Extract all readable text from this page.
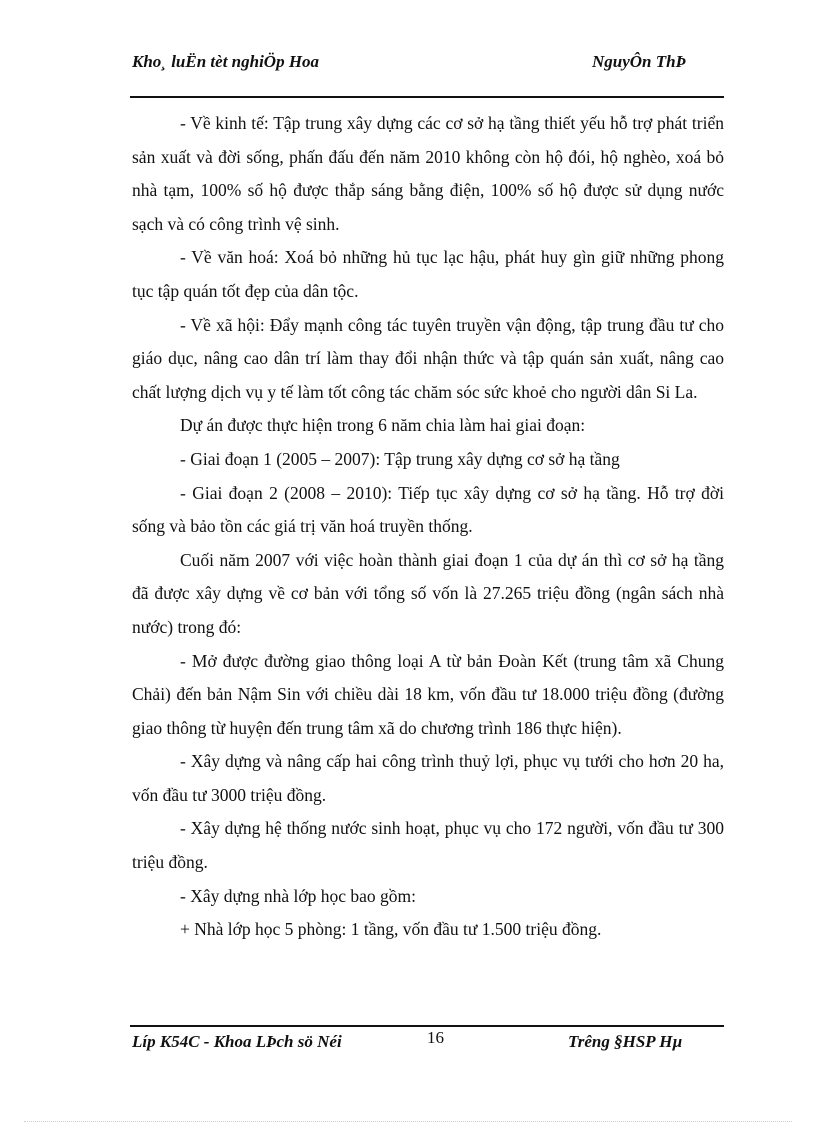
Kho¸ luËn tèt nghiÖp Hoa	NguyÔn ThÞ

- Về kinh tế: Tập trung xây dựng các cơ sở hạ tầng thiết yếu hỗ trợ phát triển sản xuất và đời sống, phấn đấu đến năm 2010 không còn hộ đói, hộ nghèo, xoá bỏ nhà tạm, 100% số hộ được thắp sáng bằng điện, 100% số hộ được sử dụng nước sạch và có công trình vệ sinh.

- Về văn hoá: Xoá bỏ những hủ tục lạc hậu, phát huy gìn giữ những phong tục tập quán tốt đẹp của dân tộc.

- Về xã hội: Đẩy mạnh công tác tuyên truyền vận động, tập trung đầu tư cho giáo dục, nâng cao dân trí làm thay đổi nhận thức và tập quán sản xuất, nâng cao chất lượng dịch vụ y tế làm tốt công tác chăm sóc sức khoẻ cho người dân Si La.

Dự án được thực hiện trong 6 năm chia làm hai giai đoạn:

- Giai đoạn 1 (2005 – 2007): Tập trung xây dựng cơ sở hạ tầng

- Giai đoạn 2 (2008 – 2010): Tiếp tục xây dựng cơ sở hạ tầng. Hỗ trợ đời sống và bảo tồn các giá trị văn hoá truyền thống.

Cuối năm 2007 với việc hoàn thành giai đoạn 1 của dự án thì cơ sở hạ tầng đã được xây dựng về cơ bản với tổng số vốn là 27.265 triệu đồng (ngân sách nhà nước) trong đó:

- Mở được đường giao thông loại A từ bản Đoàn Kết (trung tâm xã Chung Chải) đến bản Nậm Sin với chiều dài 18 km, vốn đầu tư 18.000 triệu đồng (đường giao thông từ huyện đến trung tâm xã do chương trình 186 thực hiện).

- Xây dựng và nâng cấp hai công trình thuỷ lợi, phục vụ tưới cho hơn 20 ha, vốn đầu tư 3000 triệu đồng.

- Xây dựng hệ thống nước sinh hoạt, phục vụ cho 172 người, vốn đầu tư 300 triệu đồng.

- Xây dựng nhà lớp học bao gồm:

+ Nhà lớp học 5 phòng: 1 tầng, vốn đầu tư 1.500 triệu đồng.

Líp K54C - Khoa LÞch sö Néi	16	Trêng §HSP Hµ
